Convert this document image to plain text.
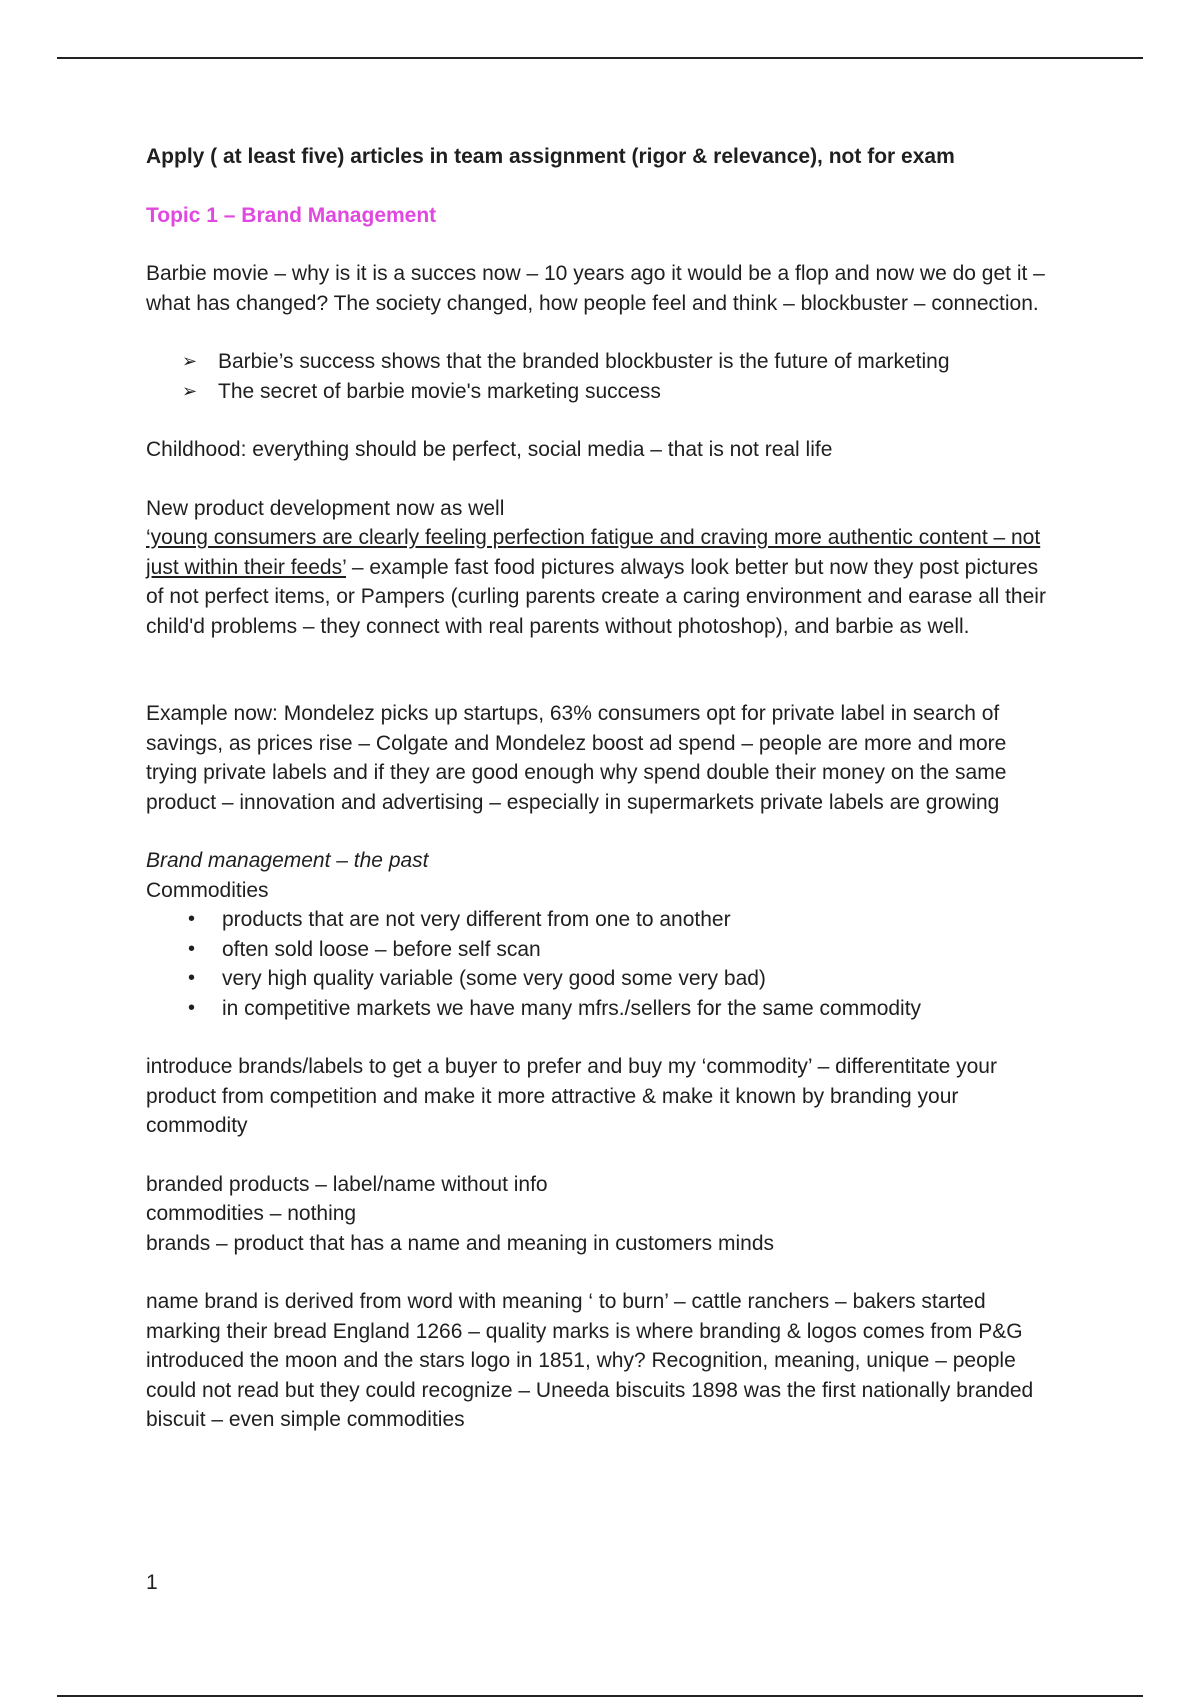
Apply ( at least five) articles in team assignment (rigor & relevance), not for exam

Topic 1 – Brand Management

Barbie movie – why is it is a succes now – 10 years ago it would be a flop and now we do get it – what has changed? The society changed, how people feel and think – blockbuster – connection.

➢ Barbie’s success shows that the branded blockbuster is the future of marketing
➢ The secret of barbie movie's marketing success

Childhood: everything should be perfect, social media – that is not real life

New product development now as well

‘young consumers are clearly feeling perfection fatigue and craving more authentic content – not just within their feeds’ – example fast food pictures always look better but now they post pictures of not perfect items, or Pampers (curling parents create a caring environment and earase all their child'd problems – they connect with real parents without photoshop), and barbie as well.

Example now: Mondelez picks up startups, 63% consumers opt for private label in search of savings, as prices rise – Colgate and Mondelez boost ad spend – people are more and more trying private labels and if they are good enough why spend double their money on the same product – innovation and advertising – especially in supermarkets private labels are growing

Brand management – the past

Commodities

• products that are not very different from one to another
• often sold loose – before self scan
• very high quality variable (some very good some very bad)
• in competitive markets we have many mfrs./sellers for the same commodity

introduce brands/labels to get a buyer to prefer and buy my ‘commodity’ – differentitate your product from competition and make it more attractive & make it known by branding your commodity

branded products – label/name without info

commodities – nothing

brands – product that has a name and meaning in customers minds

name brand is derived from word with meaning ‘ to burn’ – cattle ranchers – bakers started marking their bread England 1266 – quality marks is where branding & logos comes from P&G introduced the moon and the stars logo in 1851, why? Recognition, meaning, unique – people could not read but they could recognize – Uneeda biscuits 1898 was the first nationally branded biscuit – even simple commodities

1
